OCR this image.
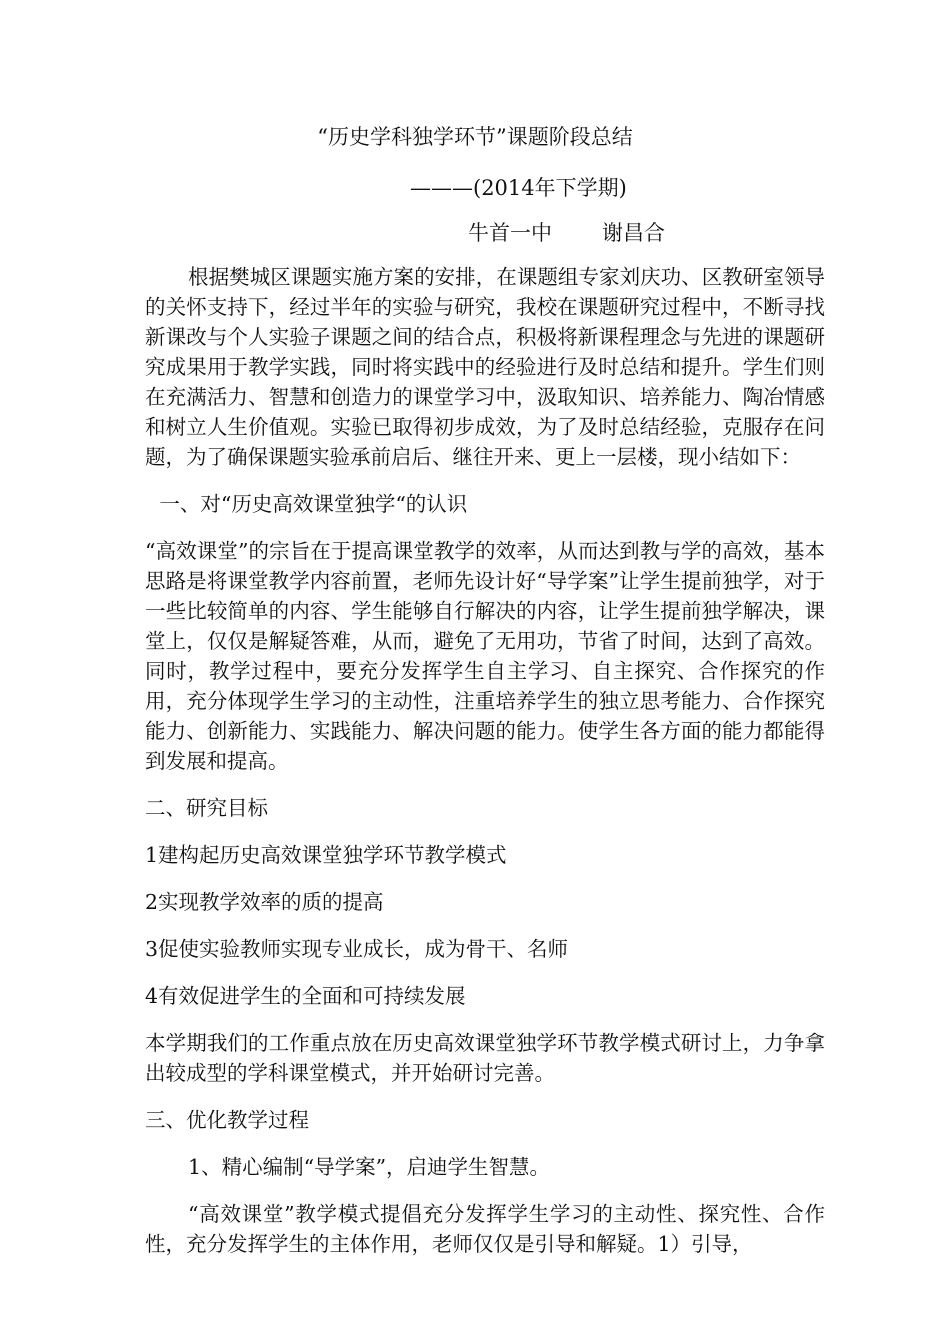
“历史学科独学环节”课题阶段总结
———(2014年下学期)
牛首一中 谢昌合

根据樊城区课题实施方案的安排，在课题组专家刘庆功、区教研室领导的关怀支持下，经过半年的实验与研究，我校在课题研究过程中，不断寻找新课改与个人实验子课题之间的结合点，积极将新课程理念与先进的课题研究成果用于教学实践，同时将实践中的经验进行及时总结和提升。学生们则在充满活力、智慧和创造力的课堂学习中，汲取知识、培养能力、陶冶情感和树立人生价值观。实验已取得初步成效，为了及时总结经验，克服存在问题，为了确保课题实验承前启后、继往开来、更上一层楼，现小结如下：

一、对“历史高效课堂独学“的认识

“高效课堂”的宗旨在于提高课堂教学的效率，从而达到教与学的高效，基本思路是将课堂教学内容前置，老师先设计好“导学案”让学生提前独学，对于一些比较简单的内容、学生能够自行解决的内容，让学生提前独学解决，课堂上，仅仅是解疑答难，从而，避免了无用功，节省了时间，达到了高效。同时，教学过程中，要充分发挥学生自主学习、自主探究、合作探究的作用，充分体现学生学习的主动性，注重培养学生的独立思考能力、合作探究能力、创新能力、实践能力、解决问题的能力。使学生各方面的能力都能得到发展和提高。

二、研究目标

1建构起历史高效课堂独学环节教学模式

2实现教学效率的质的提高

3促使实验教师实现专业成长，成为骨干、名师

4有效促进学生的全面和可持续发展

本学期我们的工作重点放在历史高效课堂独学环节教学模式研讨上，力争拿出较成型的学科课堂模式，并开始研讨完善。

三、优化教学过程

1、精心编制“导学案”，启迪学生智慧。

“高效课堂”教学模式提倡充分发挥学生学习的主动性、探究性、合作性，充分发挥学生的主体作用，老师仅仅是引导和解疑。1）引导，
